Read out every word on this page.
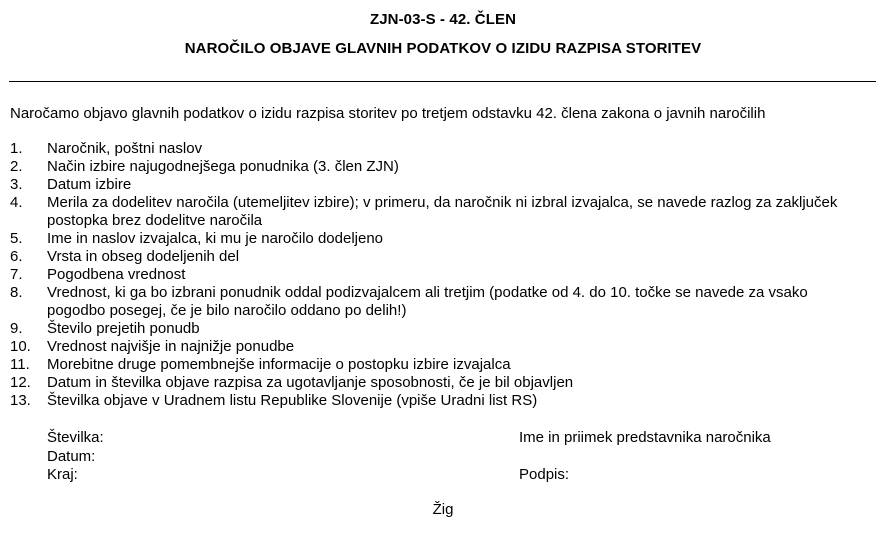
ZJN-03-S - 42. ČLEN
NAROČILO OBJAVE GLAVNIH PODATKOV O IZIDU RAZPISA STORITEV
Naročamo objavo glavnih podatkov o izidu razpisa storitev po tretjem odstavku 42. člena zakona o javnih naročilih
1.	Naročnik, poštni naslov
2.	Način izbire najugodnejšega ponudnika (3. člen ZJN)
3.	Datum izbire
4.	Merila za dodelitev naročila (utemeljitev izbire); v primeru, da naročnik ni izbral izvajalca, se navede razlog za zaključek postopka brez dodelitve naročila
5.	Ime in naslov izvajalca, ki mu je naročilo dodeljeno
6.	Vrsta in obseg dodeljenih del
7.	Pogodbena vrednost
8.	Vrednost, ki ga bo izbrani ponudnik oddal podizvajalcem ali tretjim (podatke od 4. do 10. točke se navede za vsako pogodbo posegej, če je bilo naročilo oddano po delih!)
9.	Število prejetih ponudb
10.	Vrednost najvišje in najnižje ponudbe
11.	Morebitne druge pomembnejše informacije o postopku izbire izvajalca
12.	Datum in številka objave razpisa za ugotavljanje sposobnosti, če je bil objavljen
13.	Številka objave v Uradnem listu Republike Slovenije (vpiše Uradni list RS)
Številka:
Datum:
Kraj:
Ime in priimek predstavnika naročnika

Podpis:
Žig
